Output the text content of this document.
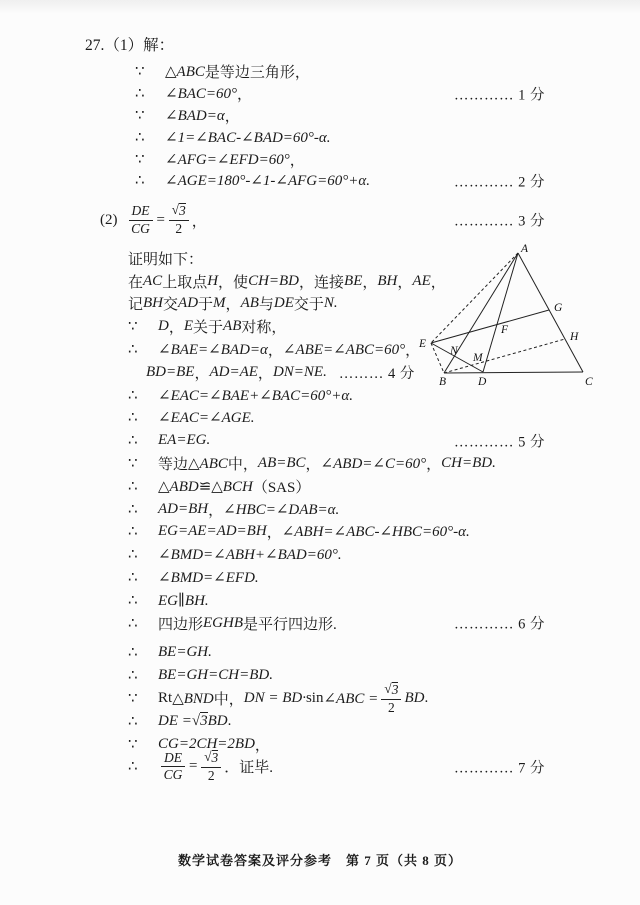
27.（1）解：
∵	△ABC 是等边三角形，
∴	∠BAC=60° ，	………… 1 分
∵	∠BAD=α ，
∴	∠1=∠BAC-∠BAD=60°-α.
∵	∠AFG=∠EFD=60° ，
∴	∠AGE=180°-∠1-∠AFG=60°+α.	………… 2 分
$(2) \frac{DE}{CG} = \frac{√ 3}{2}$ ，	………… 3 分
证明如下：
在 AC 上取点 H ，使 CH=BD ，连接 BE ， BH ， AE ，
记 BH 交 AD 于 M ， AB 与 DE 交于 N.
∵	D ， E 关于 AB 对称，
∴	∠BAE=∠BAD=α ， ∠ABE=∠ABC=60° ，
BD=BE ， AD=AE ， DN=NE. ……… 4 分
∴	∠EAC=∠BAE+∠BAC=60°+α.
∴	∠EAC=∠AGE.
∴	EA=EG.	………… 5 分
∵	等边 △ABC 中， AB=BC ， ∠ABD=∠C=60° ， CH=BD.
∴	△ABD≌△BCH （SAS）
∴	AD=BH ， ∠HBC=∠DAB=α.
∴	EG=AE=AD=BH ， ∠ABH=∠ABC-∠HBC=60°-α.
∴	∠BMD=∠ABH+∠BAD=60°.
∴	∠BMD=∠EFD.
∴	EG∥BH.
∴	四边形 EGHB 是平行四边形.	………… 6 分
∴	BE=GH.
∴	BE=GH=CH=BD.
∵	Rt △BND 中， DN = BD· sin ∠ABC = $\frac{√ 3}{2}$ BD .
∴	DE = √3 BD .
∵	CG=2CH=2BD ，
∴	$\frac{DE}{CG} = \frac{√ 3}{2}$ ．证毕.	………… 7 分
A
B	C
D
E
F
G
H
M
N
数学试卷答案及评分参考　第 7 页（共 8 页）
